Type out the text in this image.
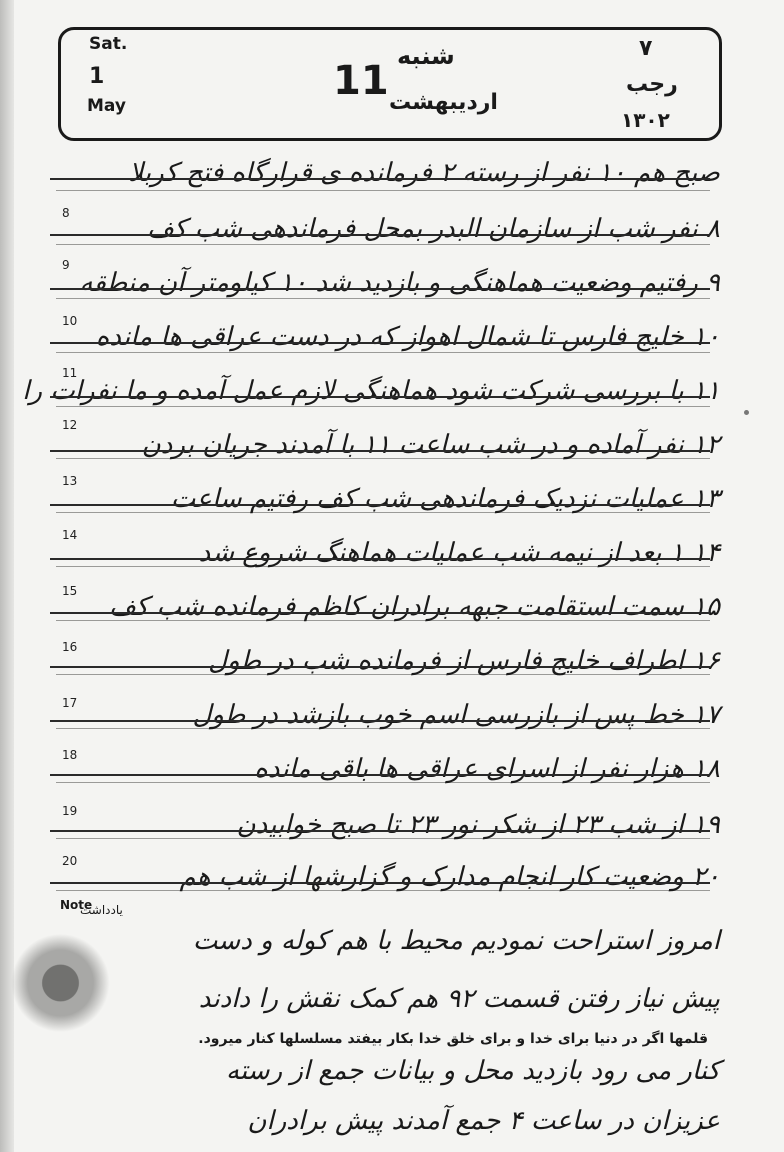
Sat.
1
May
11
شنبه
اردیبهشت
۷
رجب
۱۳۰۲
8
9
10
11
12
13
14
15
16
17
18
19
20
صبح هم ۱۰ نفر از رسته ۲ فرمانده ی قرارگاه فتح کربلا
۸ نفر شب از سازمان البدر بمحل فرماندهی شب کف
۹ رفتیم وضعیت هماهنگی و بازدید شد ۱۰ کیلومتر آن منطقه
۱۰ خلیج فارس تا شمال اهواز که در دست عراقی ها مانده
۱۱ با بررسی شرکت شود هماهنگی لازم عمل آمده و ما نفرات را
۱۲ نفر آماده و در شب ساعت ۱۱ با آمدند جریان بردن
۱۳ عملیات نزدیک فرماندهی شب کف رفتیم ساعت
۱۴ ۱ بعد از نیمه شب عملیات هماهنگ شروع شد
۱۵ سمت استقامت جبهه برادران کاظم فرمانده شب کف
۱۶ اطراف خلیج فارس از فرمانده شب در طول
۱۷ خط پس از بازرسی اسم خوب بازشد در طول
۱۸ هزار نفر از اسرای عراقی ها باقی مانده
۱۹ از شب ۲۳ از شکر نور ۲۳ تا صبح خوابیدن
۲۰ وضعیت کار انجام مدارک و گزارشها از شب هم
Note
یادداشت
امروز استراحت نمودیم محیط با هم کوله و دست
پیش نیاز رفتن قسمت ۹۲ هم کمک نقش را دادند
کنار می رود بازدید محل و بیانات جمع از رسته
عزیزان در ساعت ۴ جمع آمدند پیش برادران
قلمها اگر در دنیا برای خدا و برای خلق خدا بکار بیفتد مسلسلها کنار میرود.
